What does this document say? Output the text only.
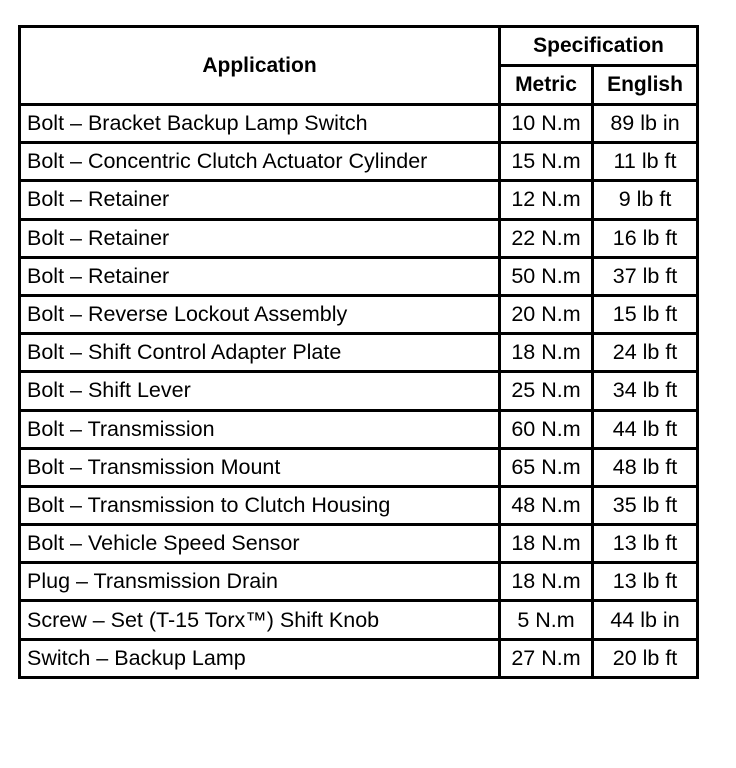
Application	Specification	
	Metric	English
Bolt – Bracket Backup Lamp Switch	10 N.m	89 lb in
Bolt – Concentric Clutch Actuator Cylinder	15 N.m	11 lb ft
Bolt – Retainer	12 N.m	9 lb ft
Bolt – Retainer	22 N.m	16 lb ft
Bolt – Retainer	50 N.m	37 lb ft
Bolt – Reverse Lockout Assembly	20 N.m	15 lb ft
Bolt – Shift Control Adapter Plate	18 N.m	24 lb ft
Bolt – Shift Lever	25 N.m	34 lb ft
Bolt – Transmission	60 N.m	44 lb ft
Bolt – Transmission Mount	65 N.m	48 lb ft
Bolt – Transmission to Clutch Housing	48 N.m	35 lb ft
Bolt – Vehicle Speed Sensor	18 N.m	13 lb ft
Plug – Transmission Drain	18 N.m	13 lb ft
Screw – Set (T-15 Torx™) Shift Knob	5 N.m	44 lb in
Switch – Backup Lamp	27 N.m	20 lb ft
